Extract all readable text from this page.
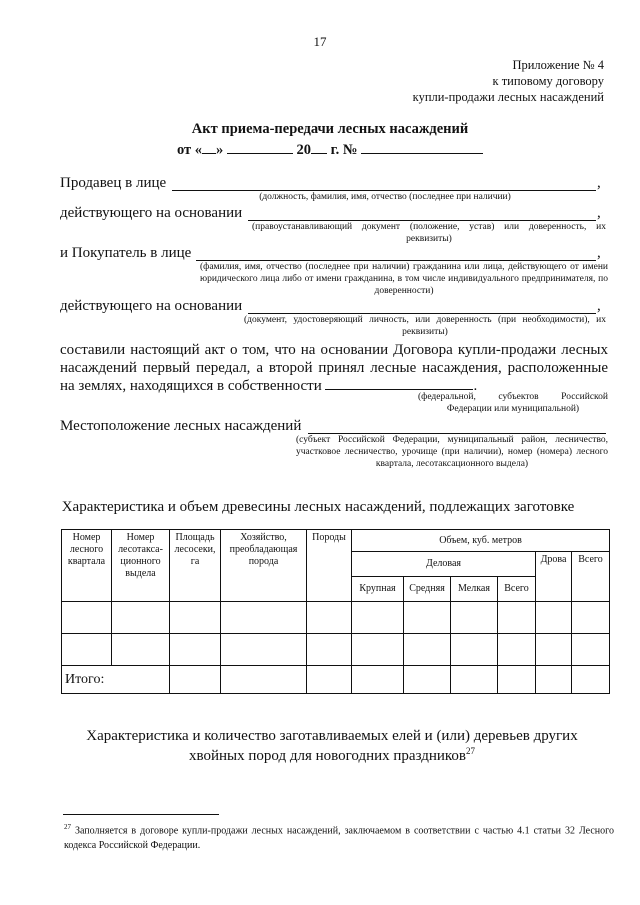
17
Приложение № 4
к типовому договору
купли-продажи лесных насаждений
Акт приема-передачи лесных насаждений
от « »	20 г. №
Продавец в лице	,
(должность, фамилия, имя, отчество (последнее при наличии)
действующего на основании	,
(правоустанавливающий документ (положение, устав) или доверенность, их реквизиты)
и Покупатель в лице	,
(фамилия, имя, отчество (последнее при наличии) гражданина или лица, действующего от имени юридического лица либо от имени гражданина, в том числе индивидуального предпринимателя, по доверенности)
действующего на основании	,
(документ, удостоверяющий личность, или доверенность (при необходимости), их реквизиты)
составили настоящий акт о том, что на основании Договора купли-продажи лесных насаждений первый передал, а второй принял лесные насаждения, расположенные на землях, находящихся в собственности	.
(федеральной, субъектов Российской Федерации или муниципальной)
Местоположение лесных насаждений
(субъект Российской Федерации, муниципальный район, лесничество, участковое лесничество, урочище (при наличии), номер (номера) лесного квартала, лесотаксационного выдела)
Характеристика и объем древесины лесных насаждений, подлежащих заготовке
Номер лесного квартала	Номер лесотакса-ционного выдела	Площадь лесосеки, га	Хозяйство, преобладающая порода	Породы	Объем, куб. метров					
					Деловая				Дрова	Всего
					Крупная	Средняя	Мелкая	Всего		

Итого:										
Характеристика и количество заготавливаемых елей и (или) деревьев других
хвойных пород для новогодних праздников$^{27}$
$^{27}$ Заполняется в договоре купли-продажи лесных насаждений, заключаемом в соответствии с частью 4.1 статьи 32 Лесного кодекса Российской Федерации.
